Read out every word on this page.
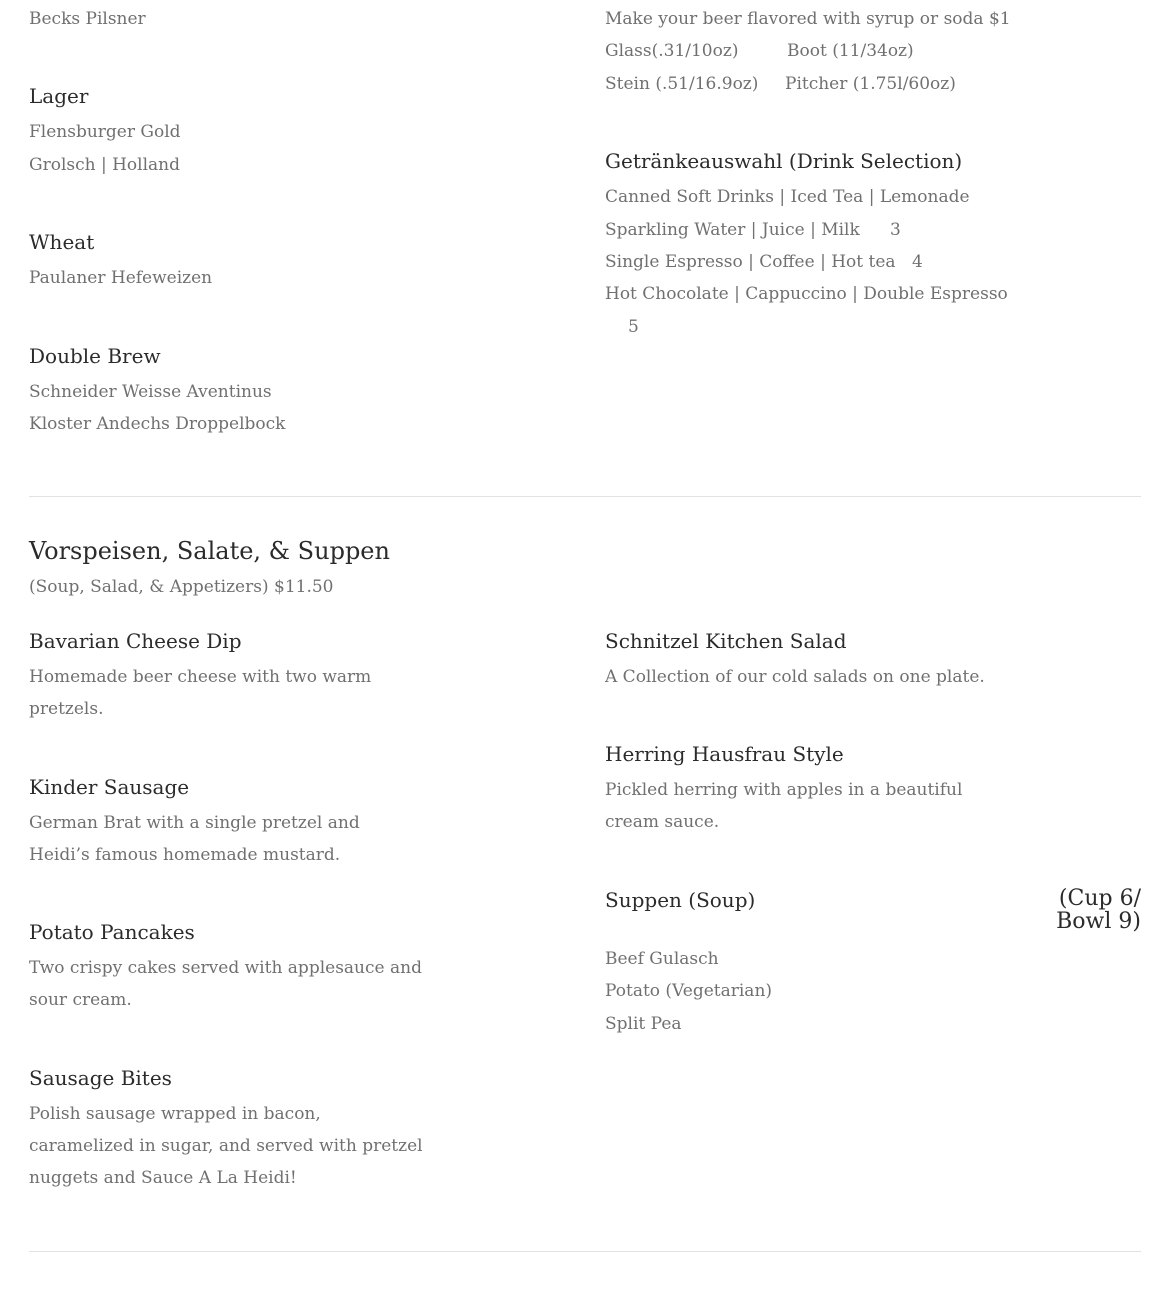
Becks Pilsner
Lager
Flensburger Gold
Grolsch | Holland
Wheat
Paulaner Hefeweizen
Double Brew
Schneider Weisse Aventinus
Kloster Andechs Droppelbock
Make your beer flavored with syrup or soda $1
Glass(.31/10oz)	Boot (11/34oz)
Stein (.51/16.9oz) Pitcher (1.75l/60oz)
Getränkeauswahl (Drink Selection)
Canned Soft Drinks | Iced Tea | Lemonade
Sparkling Water | Juice | Milk 3
Single Espresso | Coffee | Hot tea 4
Hot Chocolate | Cappuccino | Double Espresso
5
Vorspeisen, Salate, & Suppen
(Soup, Salad, & Appetizers) $11.50
Bavarian Cheese Dip
Homemade beer cheese with two warm pretzels.
Kinder Sausage
German Brat with a single pretzel and Heidi’s famous homemade mustard.
Potato Pancakes
Two crispy cakes served with applesauce and sour cream.
Sausage Bites
Polish sausage wrapped in bacon, caramelized in sugar, and served with pretzel nuggets and Sauce A La Heidi!
Schnitzel Kitchen Salad
A Collection of our cold salads on one plate.
Herring Hausfrau Style
Pickled herring with apples in a beautiful cream sauce.
Suppen (Soup)	(Cup 6/
Bowl 9)
Beef Gulasch
Potato (Vegetarian)
Split Pea
